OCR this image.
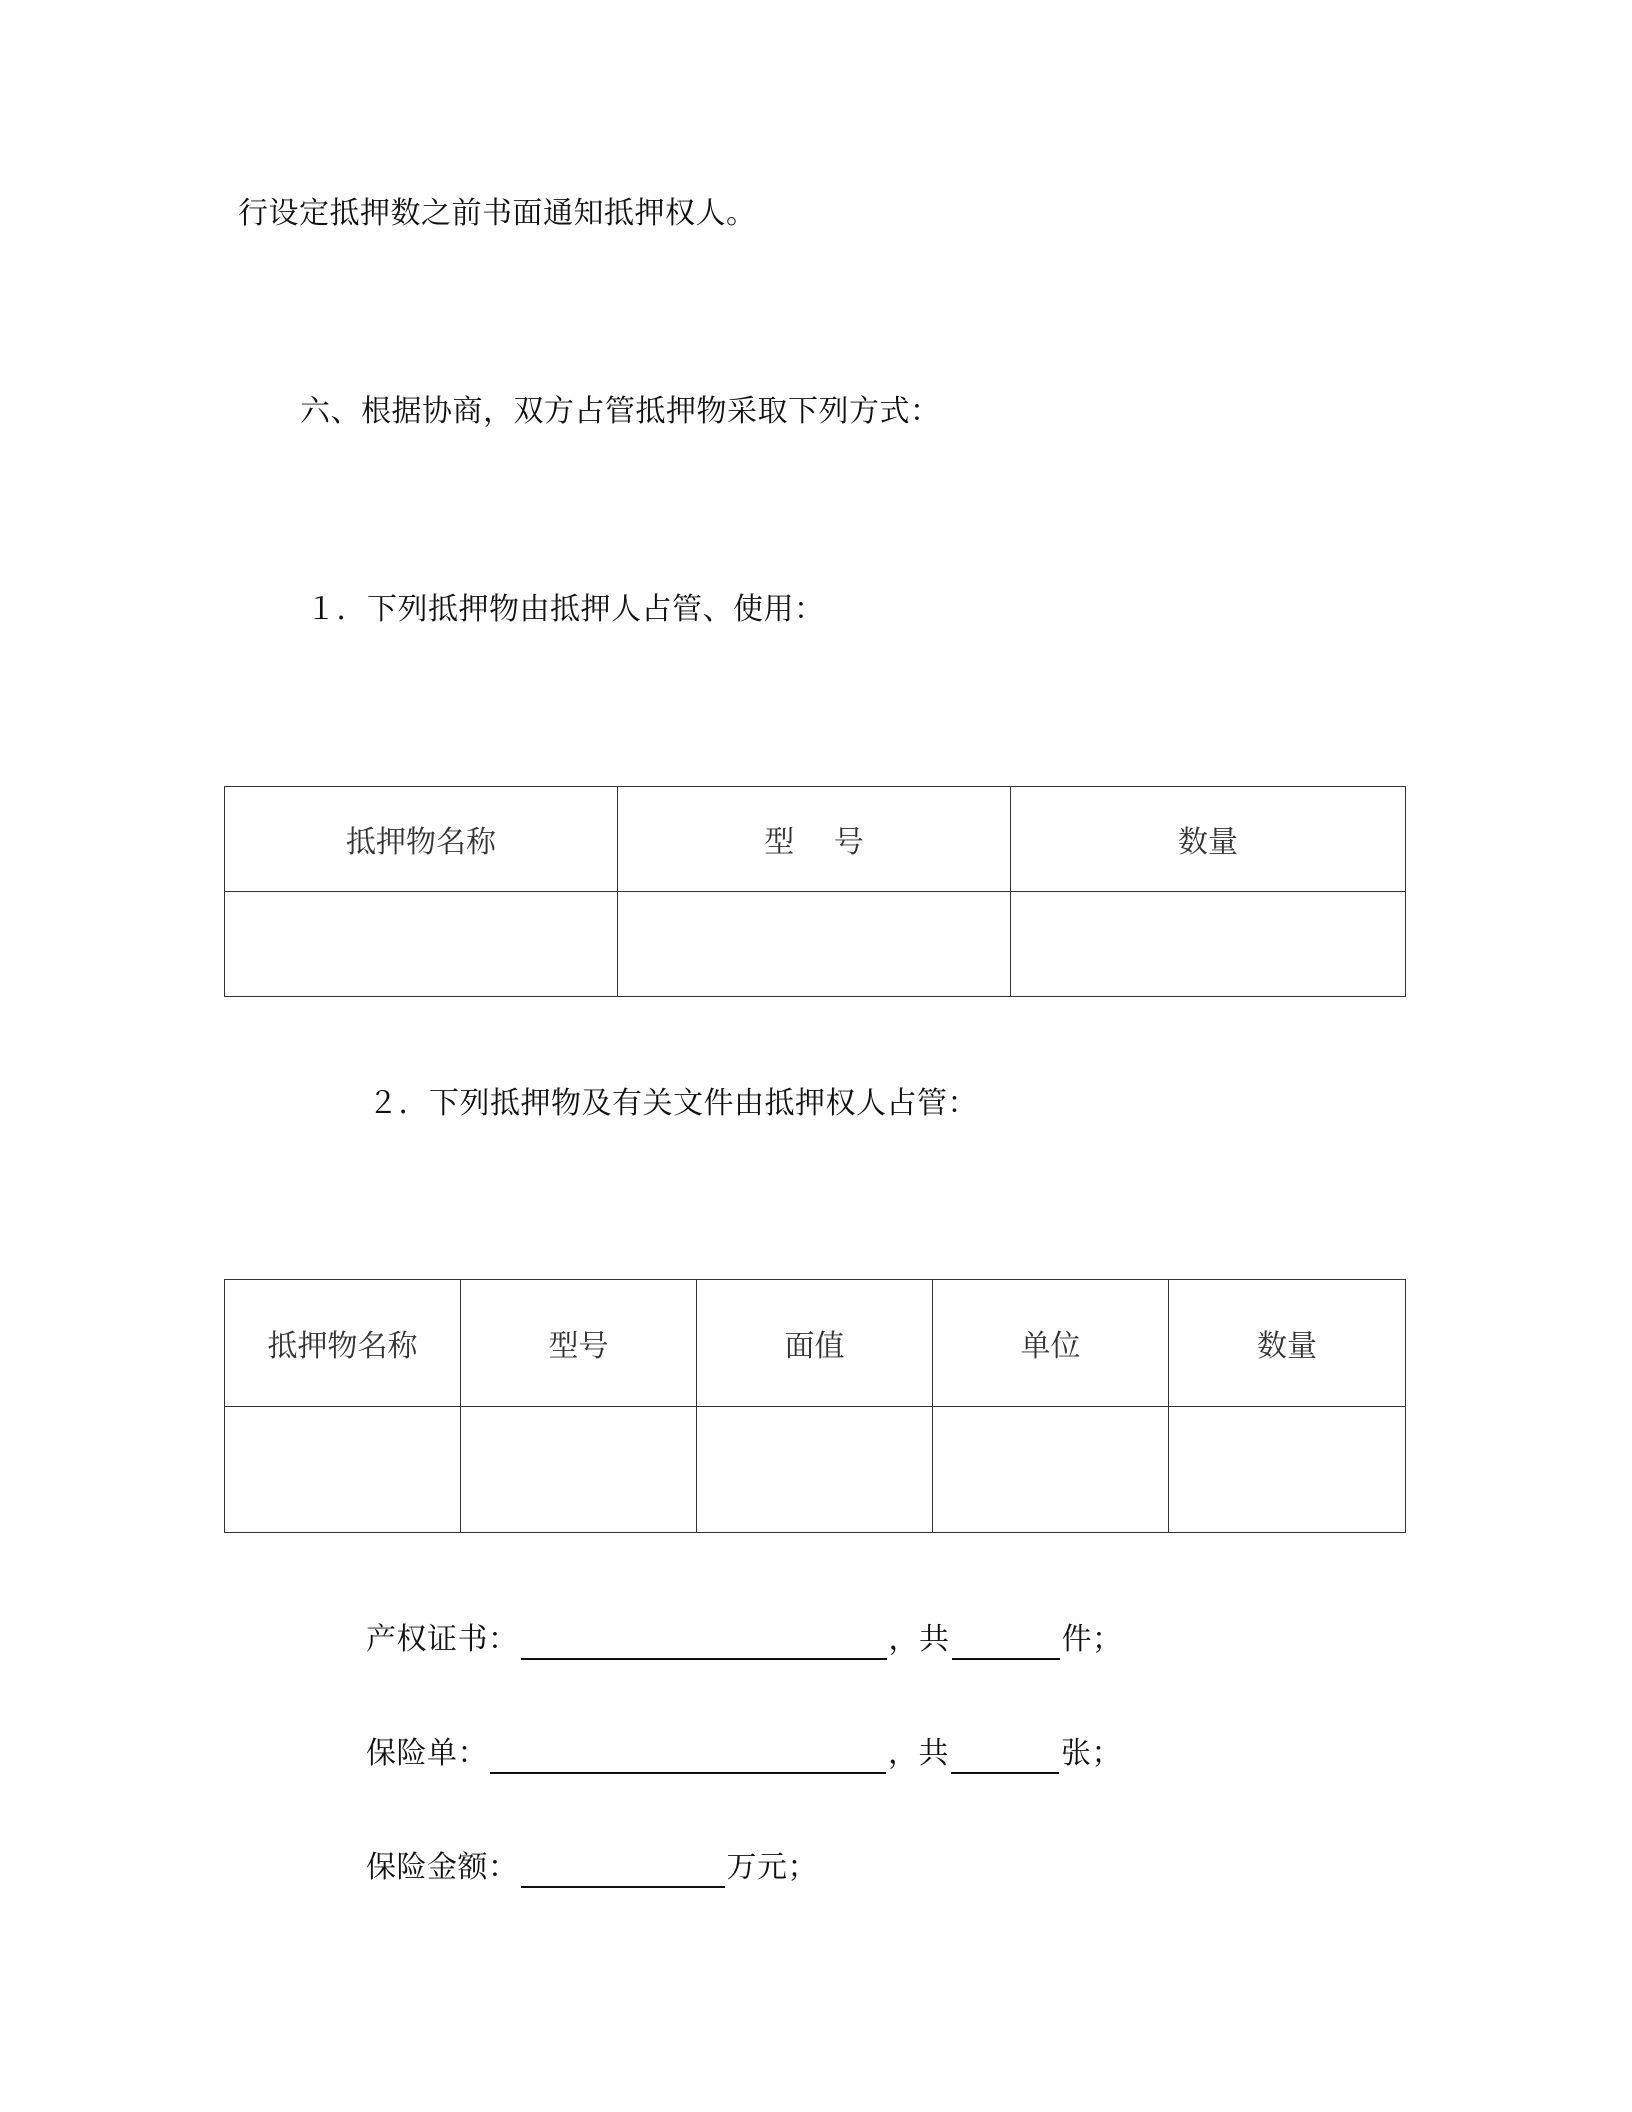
行设定抵押数之前书面通知抵押权人。
六、根据协商，双方占管抵押物采取下列方式：
１．下列抵押物由抵押人占管、使用：
抵押物名称	型　 号	数量

２．下列抵押物及有关文件由抵押权人占管：
抵押物名称	型号	面值	单位	数量

产权证书：	，共	件；
保险单：	，共	张；
保险金额：	万元；
